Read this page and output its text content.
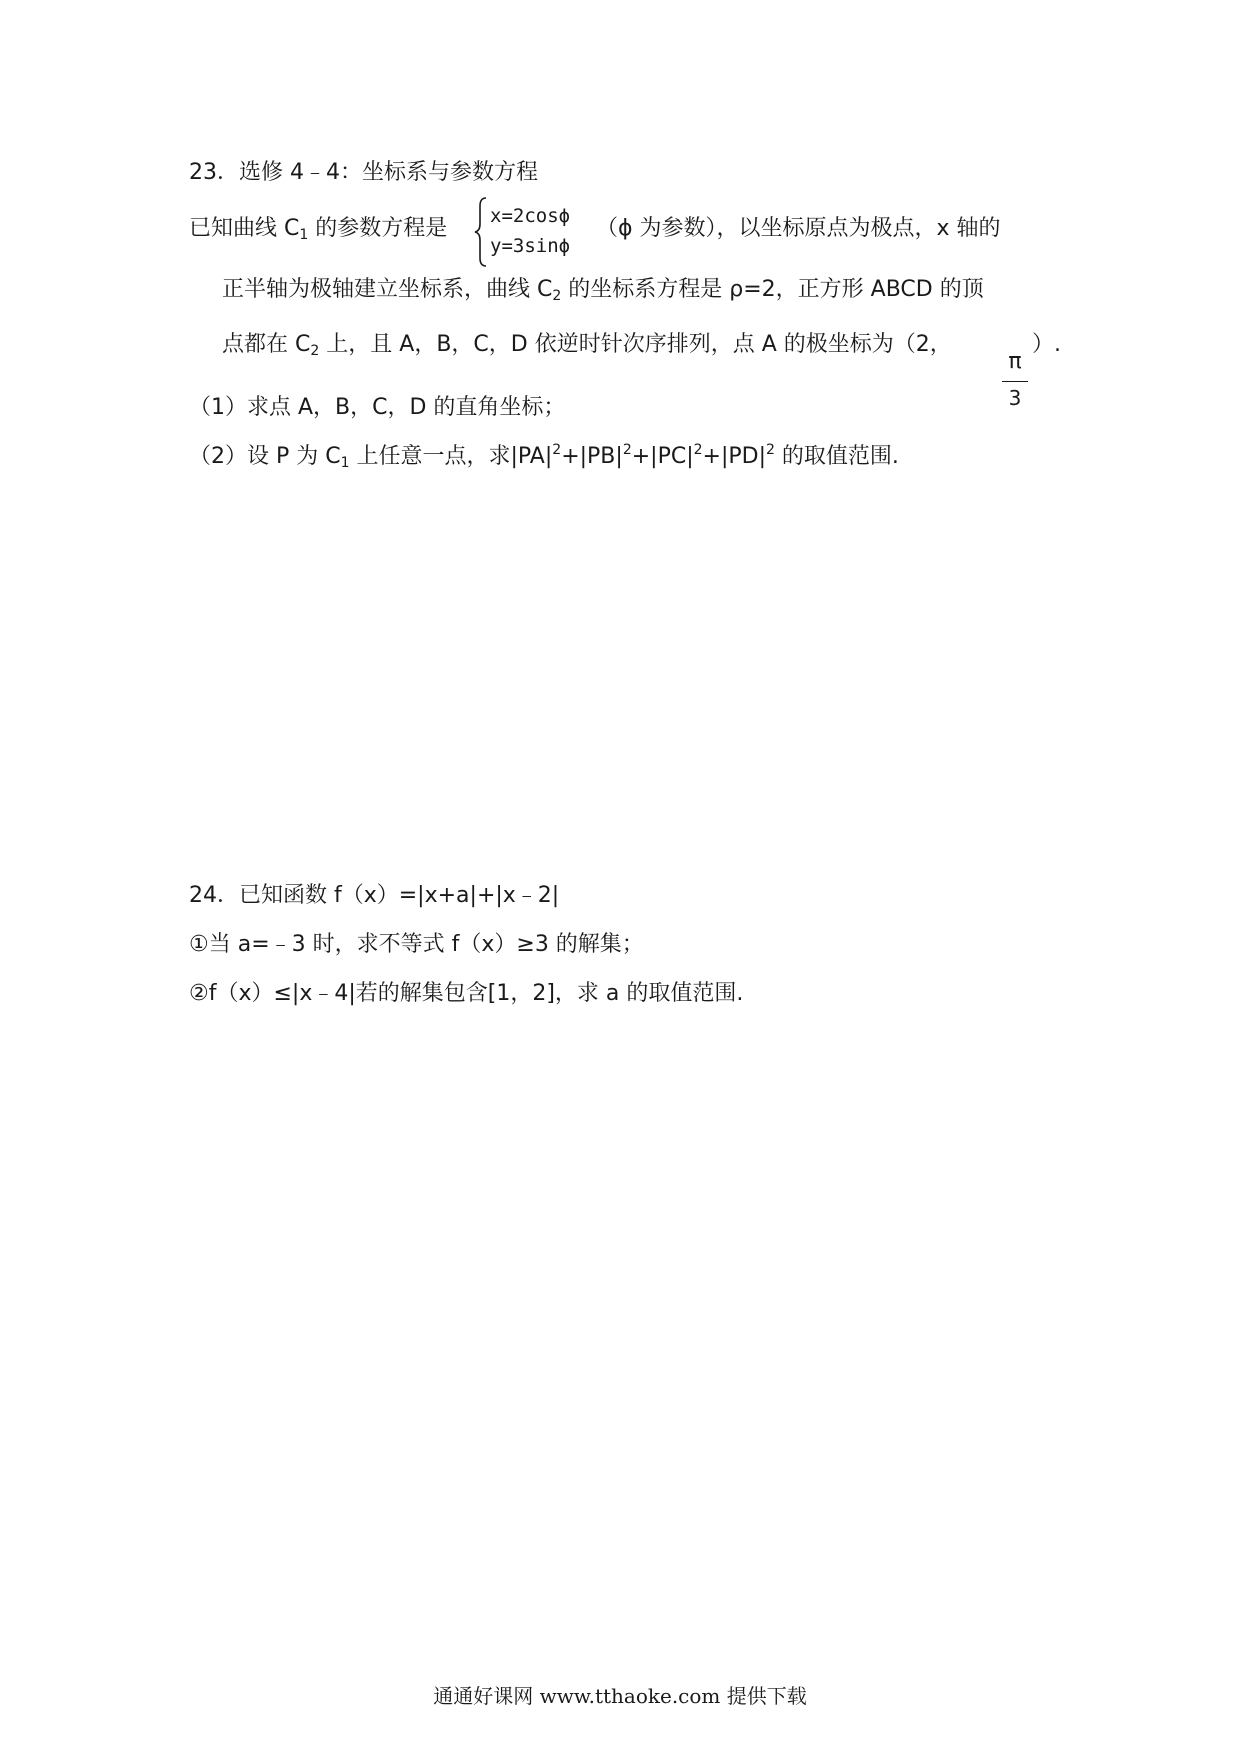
23．选修 4﹣4：坐标系与参数方程
已知曲线 $C_1$ 的参数方程是 x=2cosϕ
y=3sinϕ
（ϕ 为参数），以坐标原点为极点，x 轴的
正半轴为极轴建立坐标系，曲线 $C_2$ 的坐标系方程是 ρ=2，正方形 ABCD 的顶
点都在 $C_2$ 上，且 A，B，C，D 依逆时针次序排列，点 A 的极坐标为（2，
π
3
）.
（1）求点 A，B，C，D 的直角坐标；
（2）设 P 为 $C_1$ 上任意一点，求$|PA|^2+|PB|^2+|PC|^2+|PD|^2$ 的取值范围.
24．已知函数 f（x）=|x+a|+|x﹣2|
①当 a=﹣3 时，求不等式 f（x）≥3 的解集；
②f（x）≤|x﹣4|若的解集包含[1，2]，求 a 的取值范围.
通通好课网 www.tthaoke.com 提供下载
